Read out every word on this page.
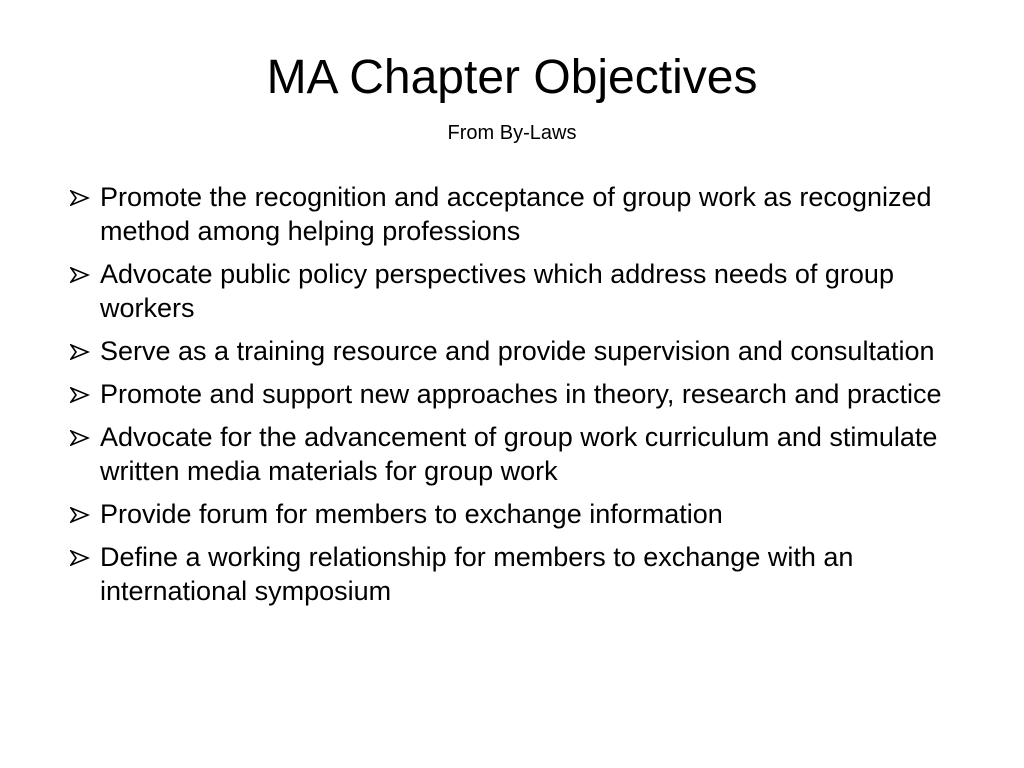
MA Chapter Objectives
From By-Laws
Promote the recognition and acceptance of group work as recognized method among helping professions
Advocate public policy perspectives which address needs of group workers
Serve as a training resource and provide supervision and consultation
Promote and support new approaches in theory, research and practice
Advocate for the advancement of group work curriculum and stimulate written media materials for group work
Provide forum for members to exchange information
Define a working relationship for members to exchange with an international symposium
